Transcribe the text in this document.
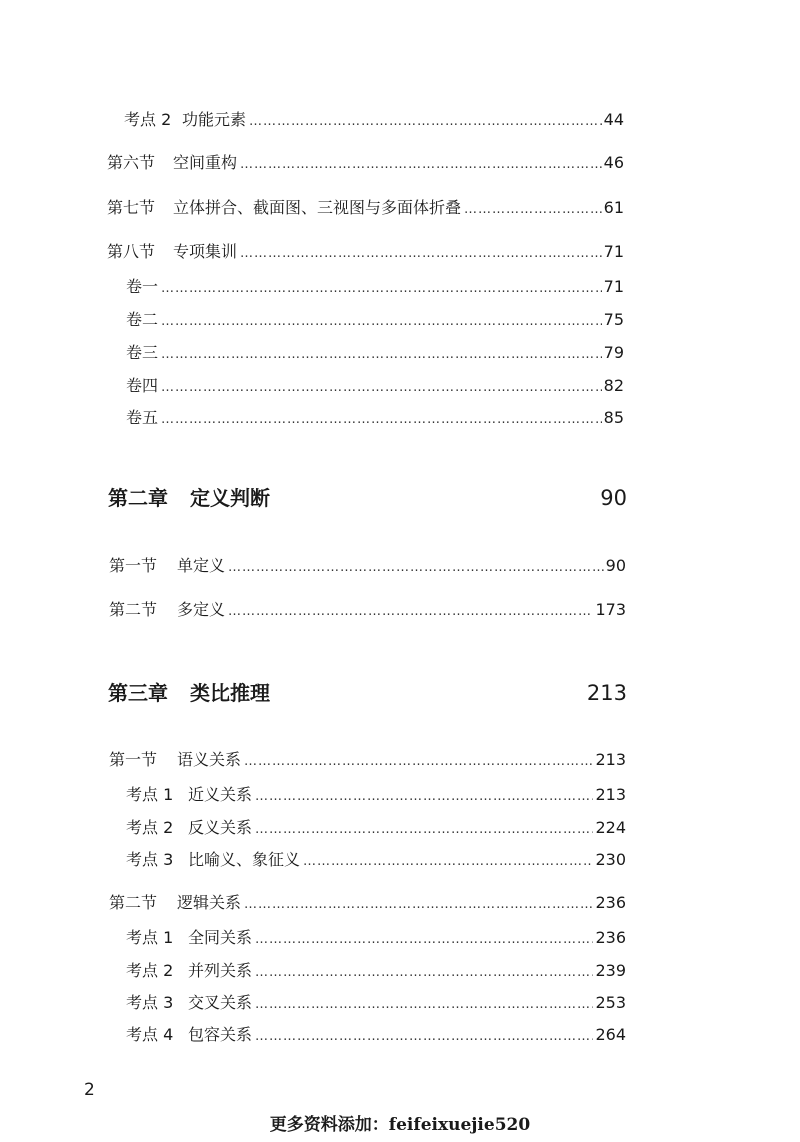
考点 2 功能元素 …………………………………………………………………………………………………………………………………………………………………………………………	44
第六节 空间重构 …………………………………………………………………………………………………………………………………………………………………………………………	46
第七节 立体拼合、截面图、三视图与多面体折叠 …………………………………………………………………………………………………………………………………………………………………………………………	61
第八节 专项集训 …………………………………………………………………………………………………………………………………………………………………………………………	71
卷一 …………………………………………………………………………………………………………………………………………………………………………………………	71
卷二 …………………………………………………………………………………………………………………………………………………………………………………………	75
卷三 …………………………………………………………………………………………………………………………………………………………………………………………	79
卷四 …………………………………………………………………………………………………………………………………………………………………………………………	82
卷五 …………………………………………………………………………………………………………………………………………………………………………………………	85
第二章 定义判断	90
第一节 单定义 …………………………………………………………………………………………………………………………………………………………………………………………	90
第二节 多定义 …………………………………………………………………………………………………………………………………………………………………………………………	173
第三章 类比推理	213
第一节 语义关系 …………………………………………………………………………………………………………………………………………………………………………………………	213
考点 1 近义关系 …………………………………………………………………………………………………………………………………………………………………………………………	213
考点 2 反义关系 …………………………………………………………………………………………………………………………………………………………………………………………	224
考点 3 比喻义、象征义 …………………………………………………………………………………………………………………………………………………………………………………………	230
第二节 逻辑关系 …………………………………………………………………………………………………………………………………………………………………………………………	236
考点 1 全同关系 …………………………………………………………………………………………………………………………………………………………………………………………	236
考点 2 并列关系 …………………………………………………………………………………………………………………………………………………………………………………………	239
考点 3 交叉关系 …………………………………………………………………………………………………………………………………………………………………………………………	253
考点 4 包容关系 …………………………………………………………………………………………………………………………………………………………………………………………	264
2
更多资料添加：feifeixuejie520
